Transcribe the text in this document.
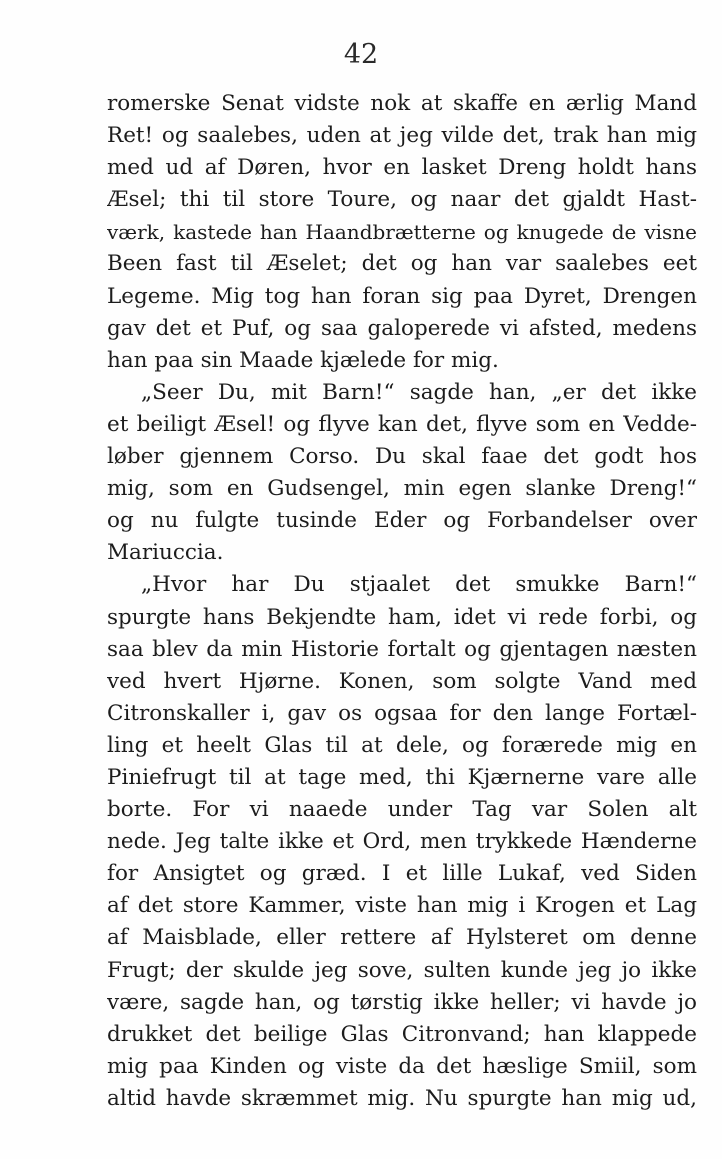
42
romerske Senat vidste nok at skaffe en ærlig Mand
Ret! og saalebes, uden at jeg vilde det, trak han mig
med ud af Døren, hvor en lasket Dreng holdt hans
Æsel; thi til store Toure, og naar det gjaldt Hast-
værk, kastede han Haandbrætterne og knugede de visne
Been fast til Æselet; det og han var saalebes eet
Legeme. Mig tog han foran sig paa Dyret, Drengen
gav det et Puf, og saa galoperede vi afsted, medens
han paa sin Maade kjælede for mig.
„Seer Du, mit Barn!“ sagde han, „er det ikke
et beiligt Æsel! og flyve kan det, flyve som en Vedde-
løber gjennem Corso. Du skal faae det godt hos
mig, som en Gudsengel, min egen slanke Dreng!“
og nu fulgte tusinde Eder og Forbandelser over
Mariuccia.
„Hvor har Du stjaalet det smukke Barn!“
spurgte hans Bekjendte ham, idet vi rede forbi, og
saa blev da min Historie fortalt og gjentagen næsten
ved hvert Hjørne. Konen, som solgte Vand med
Citronskaller i, gav os ogsaa for den lange Fortæl-
ling et heelt Glas til at dele, og forærede mig en
Piniefrugt til at tage med, thi Kjærnerne vare alle
borte. For vi naaede under Tag var Solen alt
nede. Jeg talte ikke et Ord, men trykkede Hænderne
for Ansigtet og græd. I et lille Lukaf, ved Siden
af det store Kammer, viste han mig i Krogen et Lag
af Maisblade, eller rettere af Hylsteret om denne
Frugt; der skulde jeg sove, sulten kunde jeg jo ikke
være, sagde han, og tørstig ikke heller; vi havde jo
drukket det beilige Glas Citronvand; han klappede
mig paa Kinden og viste da det hæslige Smiil, som
altid havde skræmmet mig. Nu spurgte han mig ud,
